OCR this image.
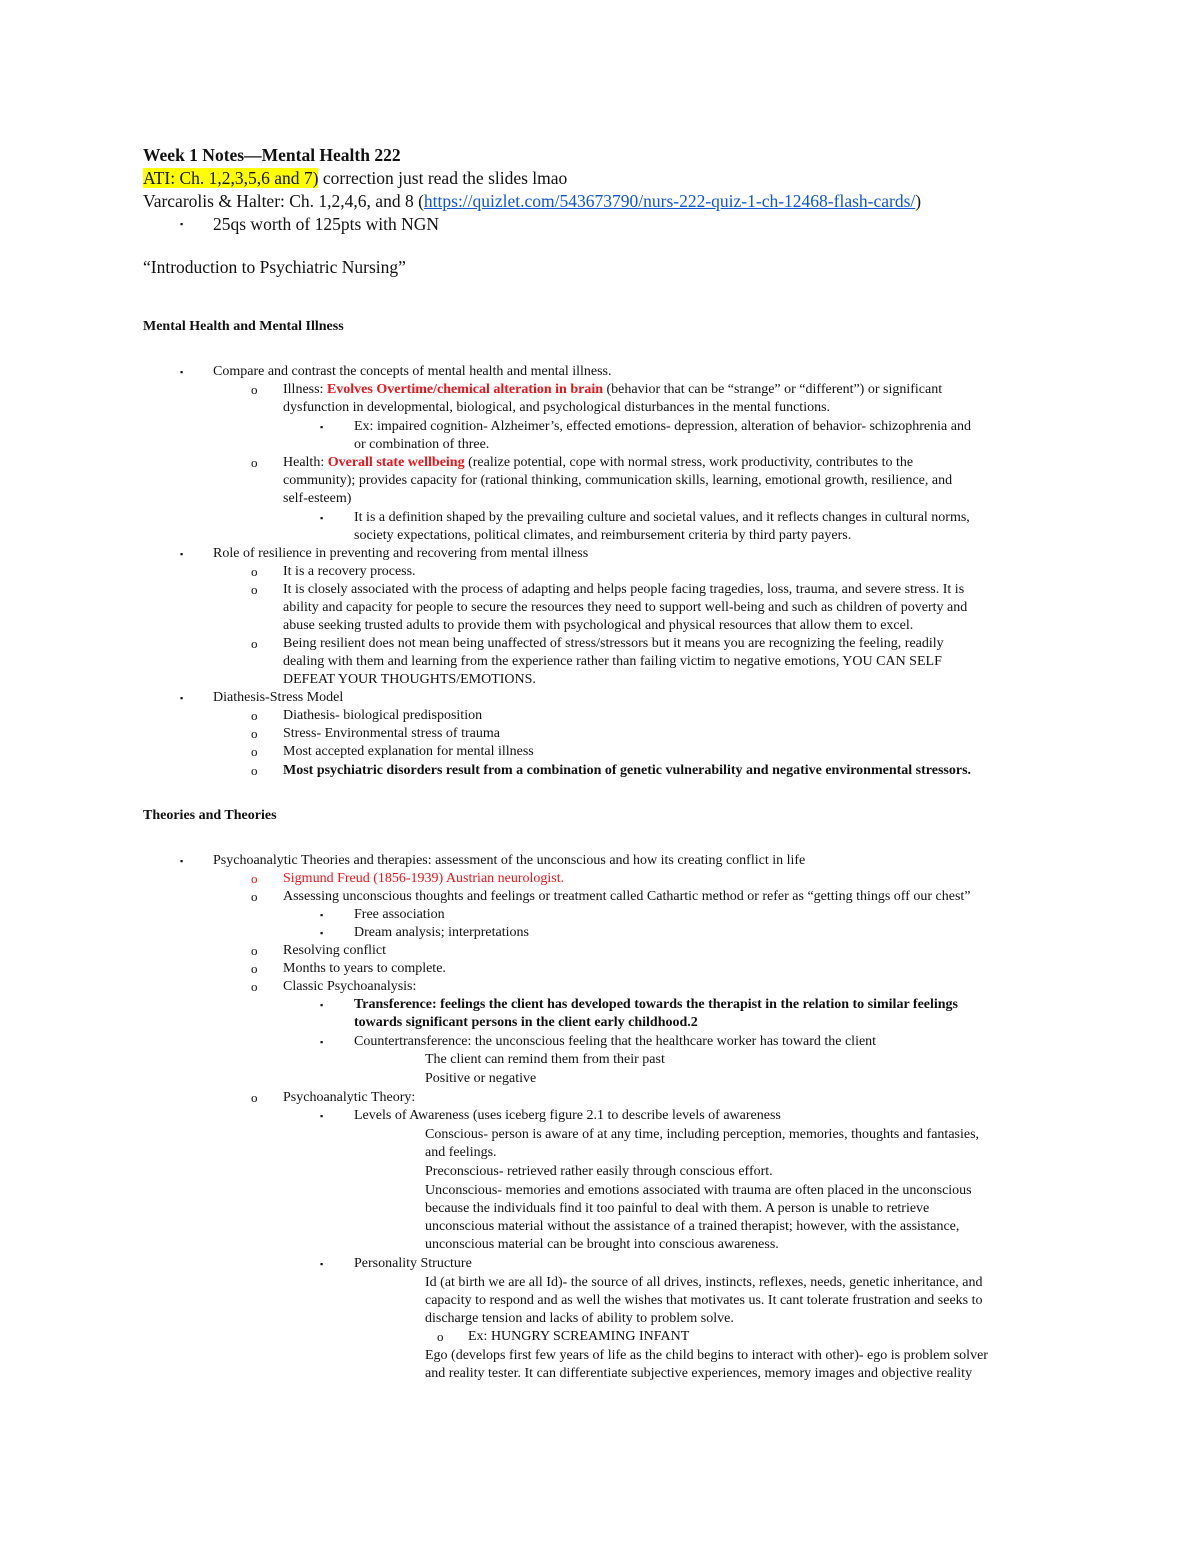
Week 1 Notes—Mental Health 222
ATI: Ch. 1,2,3,5,6 and 7) correction just read the slides lmao
Varcarolis & Halter: Ch. 1,2,4,6, and 8 (https://quizlet.com/543673790/nurs-222-quiz-1-ch-12468-flash-cards/)
▪ 25qs worth of 125pts with NGN
“Introduction to Psychiatric Nursing”
Mental Health and Mental Illness
▪ Compare and contrast the concepts of mental health and mental illness.
o Illness: Evolves Overtime/chemical alteration in brain (behavior that can be “strange” or “different”) or significant
dysfunction in developmental, biological, and psychological disturbances in the mental functions.
▪ Ex: impaired cognition- Alzheimer’s, effected emotions- depression, alteration of behavior- schizophrenia and
or combination of three.
o Health: Overall state wellbeing (realize potential, cope with normal stress, work productivity, contributes to the
community); provides capacity for (rational thinking, communication skills, learning, emotional growth, resilience, and
self-esteem)
▪ It is a definition shaped by the prevailing culture and societal values, and it reflects changes in cultural norms,
society expectations, political climates, and reimbursement criteria by third party payers.
▪ Role of resilience in preventing and recovering from mental illness
o It is a recovery process.
o It is closely associated with the process of adapting and helps people facing tragedies, loss, trauma, and severe stress. It is
ability and capacity for people to secure the resources they need to support well-being and such as children of poverty and
abuse seeking trusted adults to provide them with psychological and physical resources that allow them to excel.
o Being resilient does not mean being unaffected of stress/stressors but it means you are recognizing the feeling, readily
dealing with them and learning from the experience rather than failing victim to negative emotions, YOU CAN SELF
DEFEAT YOUR THOUGHTS/EMOTIONS.
▪ Diathesis-Stress Model
o Diathesis- biological predisposition
o Stress- Environmental stress of trauma
o Most accepted explanation for mental illness
o Most psychiatric disorders result from a combination of genetic vulnerability and negative environmental stressors.
Theories and Theories
▪ Psychoanalytic Theories and therapies: assessment of the unconscious and how its creating conflict in life
o Sigmund Freud (1856-1939) Austrian neurologist.
o Assessing unconscious thoughts and feelings or treatment called Cathartic method or refer as “getting things off our chest”
▪ Free association
▪ Dream analysis; interpretations
o Resolving conflict
o Months to years to complete.
o Classic Psychoanalysis:
▪ Transference: feelings the client has developed towards the therapist in the relation to similar feelings
towards significant persons in the client early childhood.2
▪ Countertransference: the unconscious feeling that the healthcare worker has toward the client
The client can remind them from their past
Positive or negative
o Psychoanalytic Theory:
▪ Levels of Awareness (uses iceberg figure 2.1 to describe levels of awareness
Conscious- person is aware of at any time, including perception, memories, thoughts and fantasies,
and feelings.
Preconscious- retrieved rather easily through conscious effort.
Unconscious- memories and emotions associated with trauma are often placed in the unconscious
because the individuals find it too painful to deal with them. A person is unable to retrieve
unconscious material without the assistance of a trained therapist; however, with the assistance,
unconscious material can be brought into conscious awareness.
▪ Personality Structure
Id (at birth we are all Id)- the source of all drives, instincts, reflexes, needs, genetic inheritance, and
capacity to respond and as well the wishes that motivates us. It cant tolerate frustration and seeks to
discharge tension and lacks of ability to problem solve.
o Ex: HUNGRY SCREAMING INFANT
Ego (develops first few years of life as the child begins to interact with other)- ego is problem solver
and reality tester. It can differentiate subjective experiences, memory images and objective reality
